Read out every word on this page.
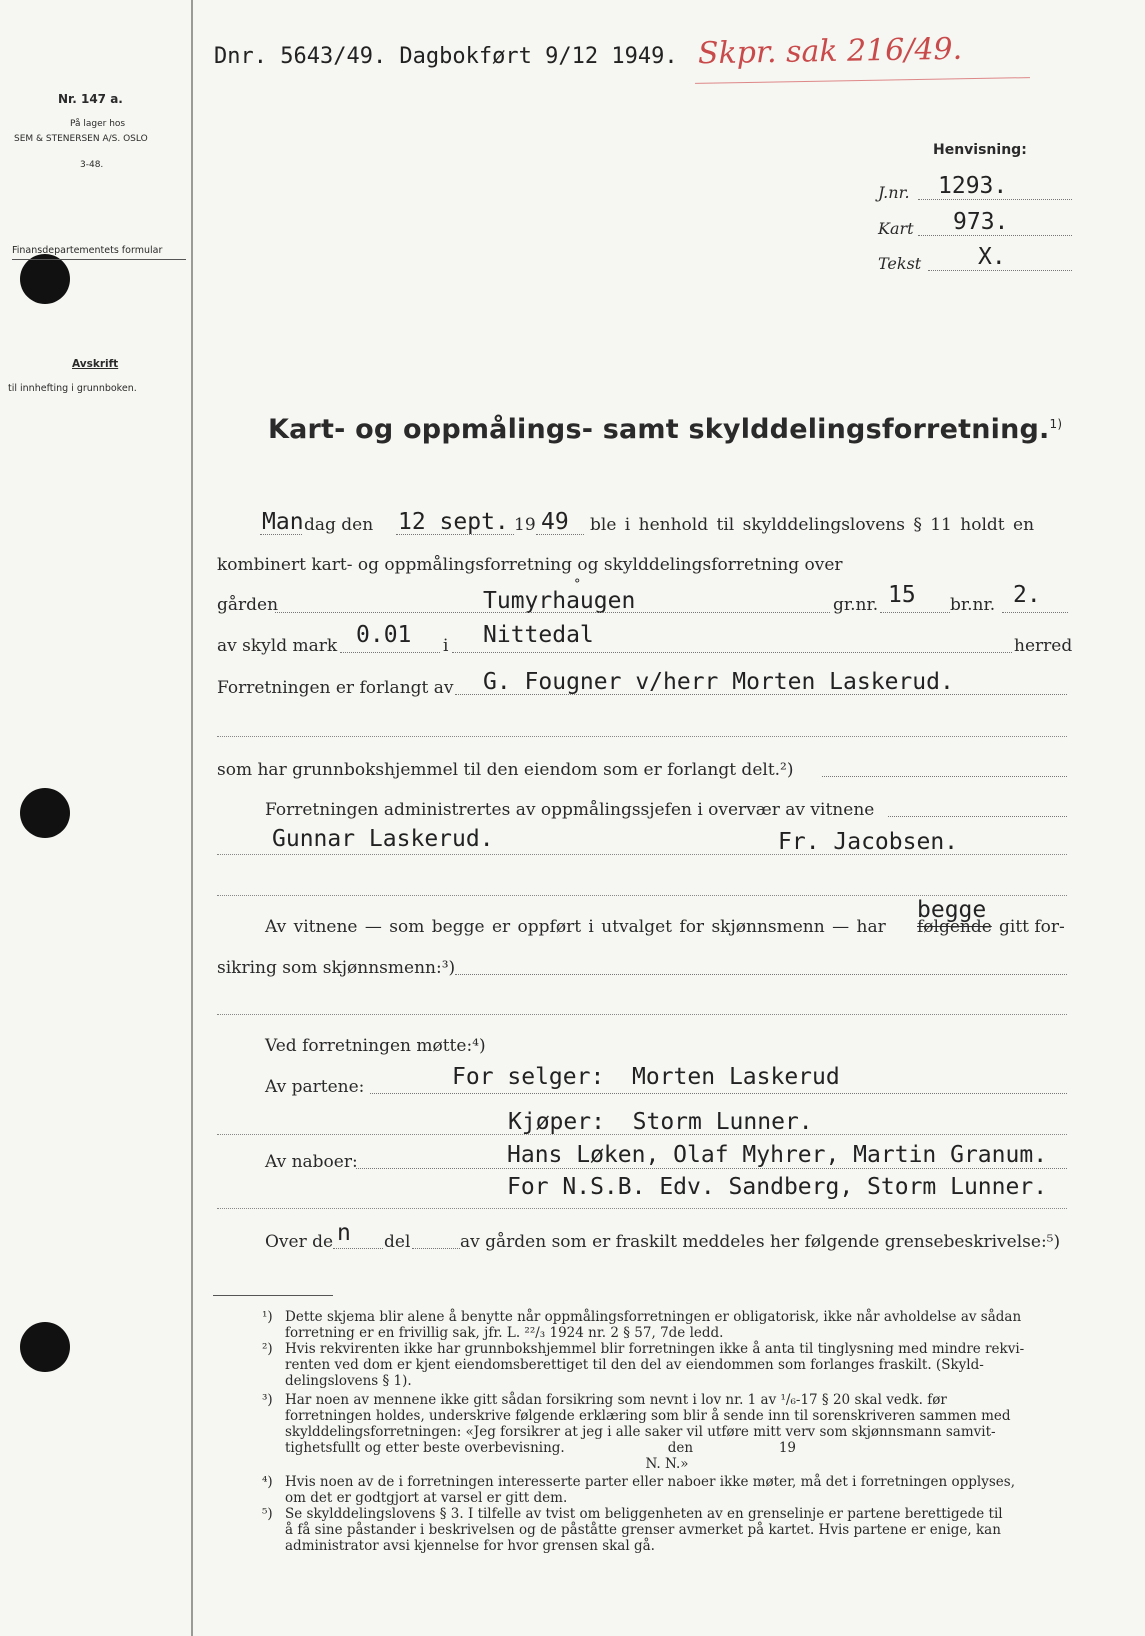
Nr. 147 a.
På lager hos
SEM & STENERSEN A/S. OSLO
3-48.
Finansdepartementets formular
Avskrift
til innhefting i grunnboken.
Dnr. 5643/49. Dagbokført 9/12 1949. Skpr. sak 216/49.
Henvisning:
J.nr. 1293.
Kart 973.
Tekst X.
Kart- og oppmålings- samt skylddelingsforretning.$^{1)}$
Man dag den 12 sept. 19 49 ble i henhold til skylddelingslovens § 11 holdt en
kombinert kart- og oppmålingsforretning og skylddelingsforretning over
gården	Tumyrhaugen
°
gr.nr. 15 br.nr. 2.
av skyld mark 0.01 i Nittedal	herred
Forretningen er forlangt av G. Fougner v/herr Morten Laskerud.
som har grunnbokshjemmel til den eiendom som er forlangt delt.²)
Forretningen administrertes av oppmålingssjefen i overvær av vitnene
Gunnar Laskerud.	Fr. Jacobsen.
begge
Av vitnene — som begge er oppført i utvalget for skjønnsmenn — har følgende gitt for-
sikring som skjønnsmenn:³)
Ved forretningen møtte:⁴)
Av partene:	For selger:  Morten Laskerud
Kjøper:  Storm Lunner.
Av naboer:	Hans Løken, Olaf Myhrer, Martin Granum.
For N.S.B. Edv. Sandberg, Storm Lunner.
Over de n del	av gården som er fraskilt meddeles her følgende grensebeskrivelse:⁵)
¹) Dette skjema blir alene å benytte når oppmålingsforretningen er obligatorisk, ikke når avholdelse av sådan
forretning er en frivillig sak, jfr. L. ²²/₃ 1924 nr. 2 § 57, 7de ledd.
²) Hvis rekvirenten ikke har grunnbokshjemmel blir forretningen ikke å anta til tinglysning med mindre rekvi-
renten ved dom er kjent eiendomsberettiget til den del av eiendommen som forlanges fraskilt. (Skyld-
delingslovens § 1).
³) Har noen av mennene ikke gitt sådan forsikring som nevnt i lov nr. 1 av ¹/₆-17 § 20 skal vedk. før
forretningen holdes, underskrive følgende erklæring som blir å sende inn til sorenskriveren sammen med
skylddelingsforretningen: «Jeg forsikrer at jeg i alle saker vil utføre mitt verv som skjønnsmann samvit-
tighetsfullt og etter beste overbevisning.                        den                    19
N. N.»
⁴) Hvis noen av de i forretningen interesserte parter eller naboer ikke møter, må det i forretningen opplyses,
om det er godtgjort at varsel er gitt dem.
⁵) Se skylddelingslovens § 3. I tilfelle av tvist om beliggenheten av en grenselinje er partene berettigede til
å få sine påstander i beskrivelsen og de påståtte grenser avmerket på kartet. Hvis partene er enige, kan
administrator avsi kjennelse for hvor grensen skal gå.
